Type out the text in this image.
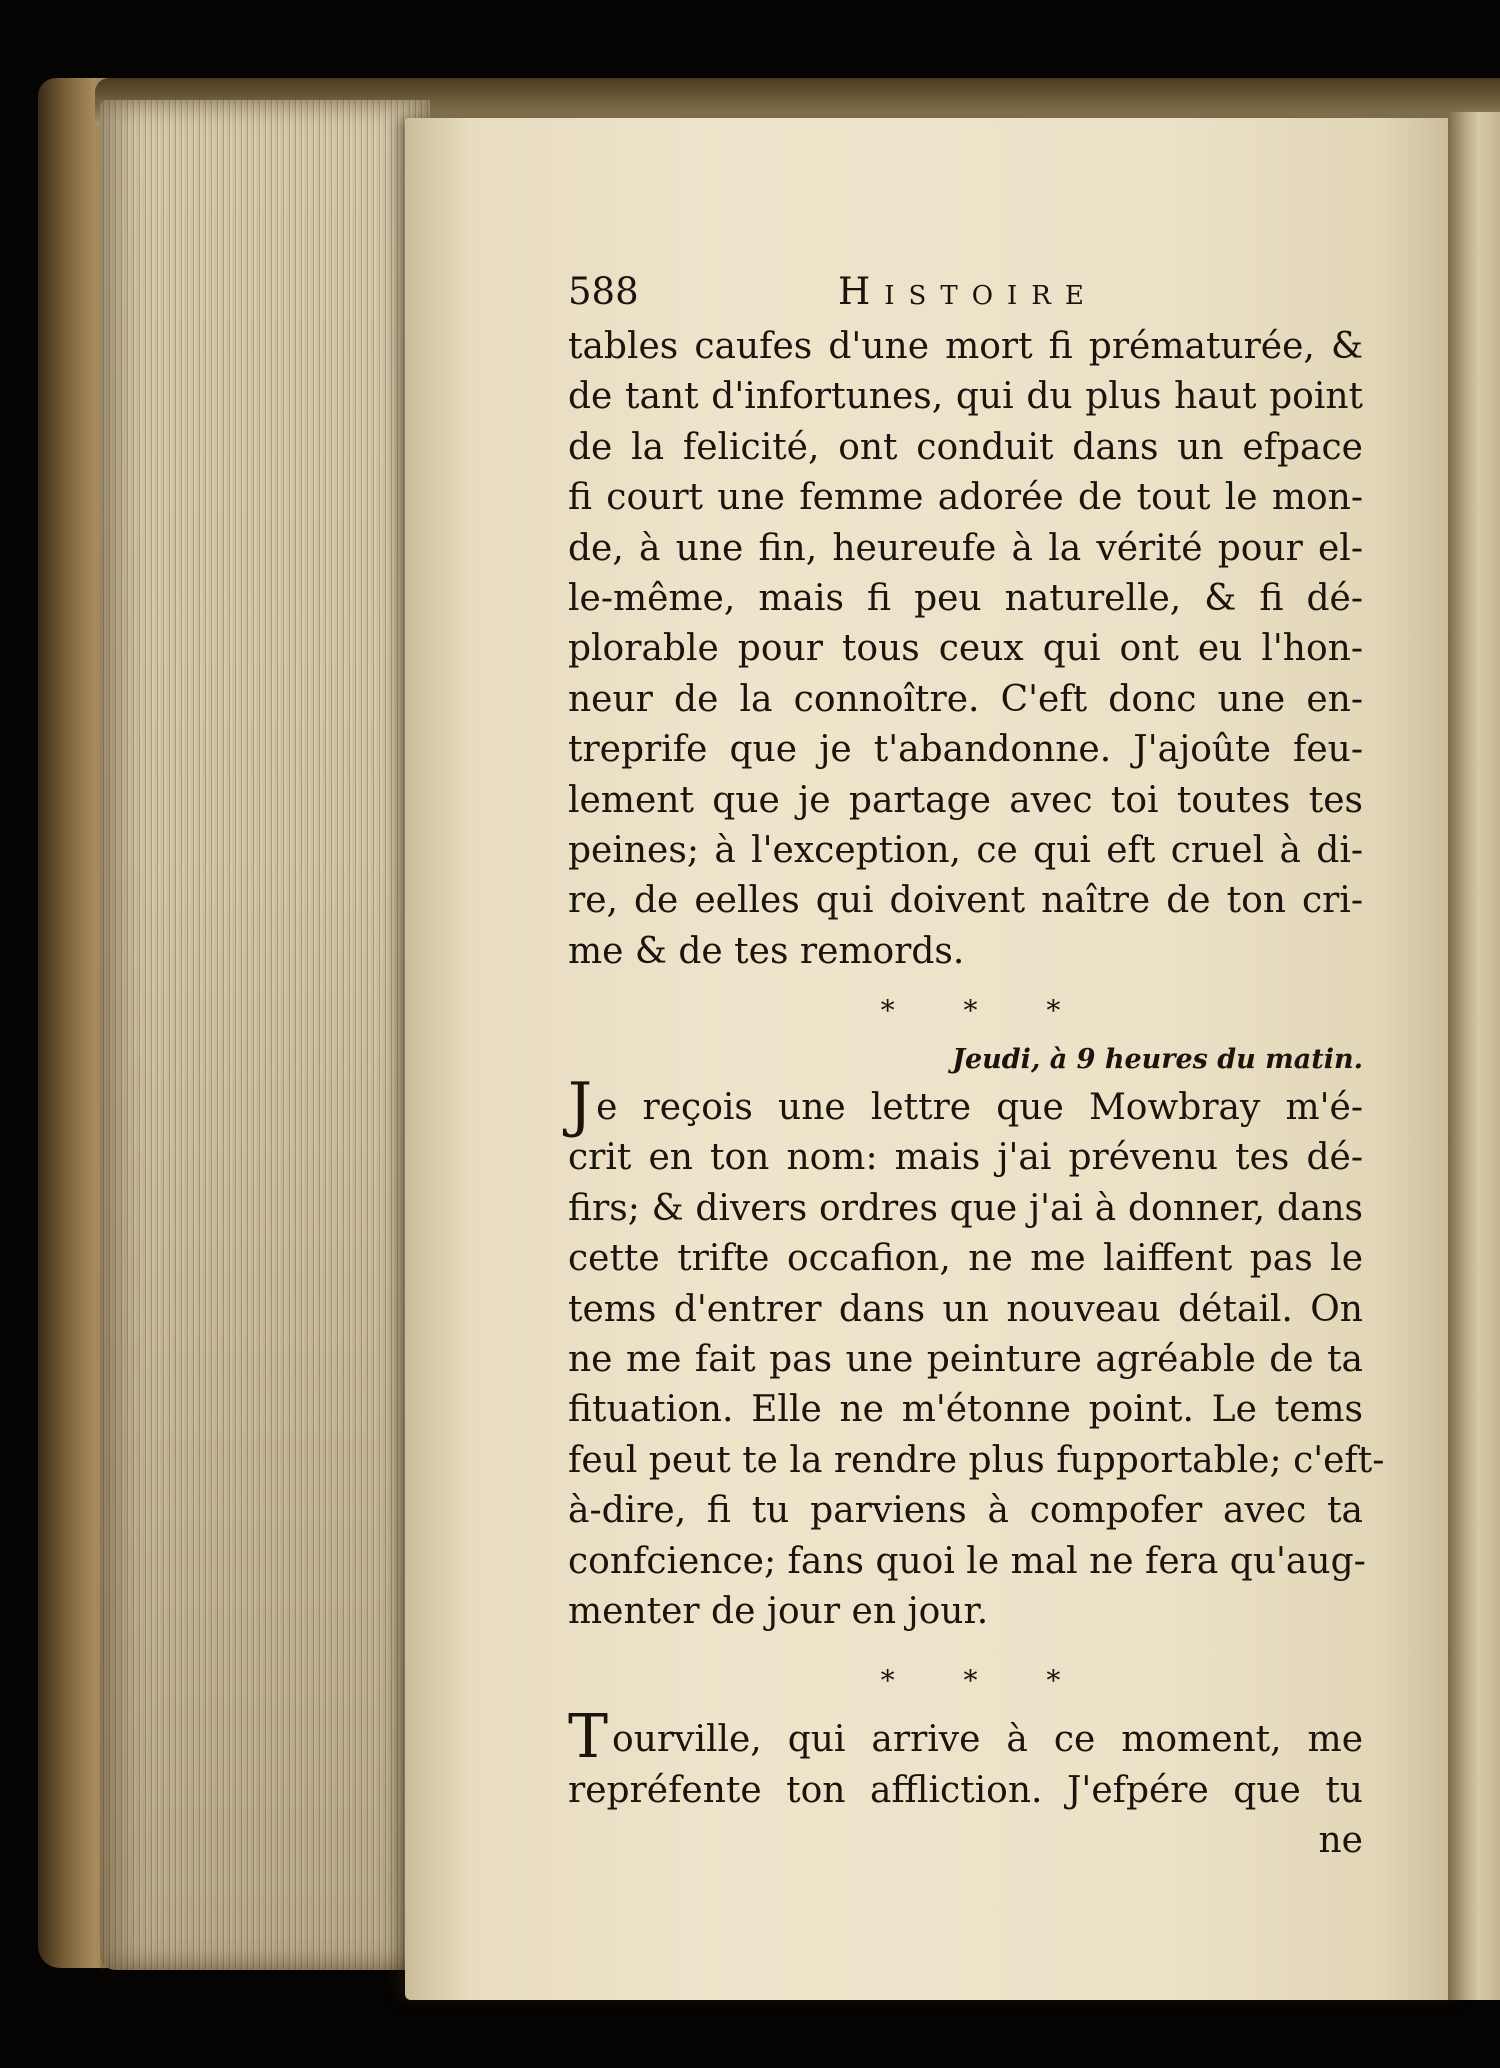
588	Histoire
tables caufes d'une mort fi prématurée, &
de tant d'infortunes, qui du plus haut point
de la felicité, ont conduit dans un efpace
fi court une femme adorée de tout le mon-
de, à une fin, heureufe à la vérité pour el-
le-même, mais fi peu naturelle, & fi dé-
plorable pour tous ceux qui ont eu l'hon-
neur de la connoître. C'eft donc une en-
treprife que je t'abandonne. J'ajoûte feu-
lement que je partage avec toi toutes tes
peines; à l'exception, ce qui eft cruel à di-
re, de eelles qui doivent naître de ton cri-
me & de tes remords.
* * *
Jeudi, à 9 heures du matin.
Je reçois une lettre que Mowbray m'é-
crit en ton nom: mais j'ai prévenu tes dé-
firs; & divers ordres que j'ai à donner, dans
cette trifte occafion, ne me laiffent pas le
tems d'entrer dans un nouveau détail. On
ne me fait pas une peinture agréable de ta
fituation. Elle ne m'étonne point. Le tems
feul peut te la rendre plus fupportable; c'eft-
à-dire, fi tu parviens à compofer avec ta
confcience; fans quoi le mal ne fera qu'aug-
menter de jour en jour.
* * *
Tourville, qui arrive à ce moment, me
repréfente ton affliction. J'efpére que tu
ne
